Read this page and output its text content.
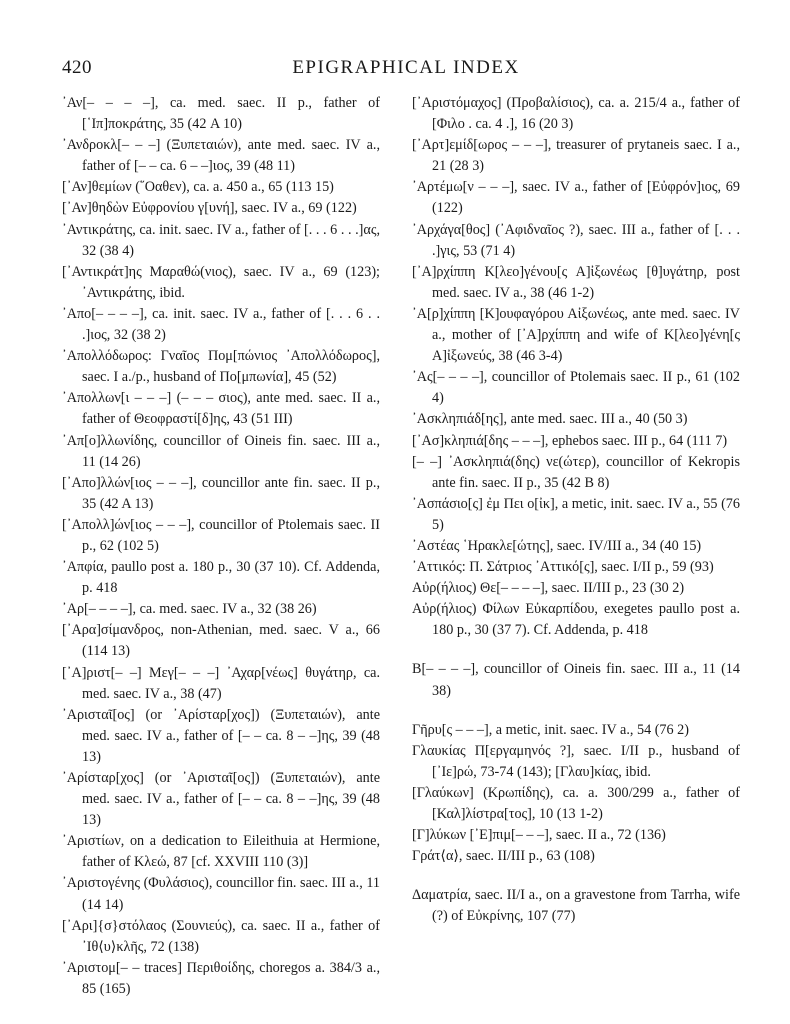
420	EPIGRAPHICAL INDEX

᾽Αν[– – – –], ca. med. saec. II p., father of [῾Ιπ]ποκράτης, 35 (42 A 10)

᾽Ανδροκλ[– – –] (Ξυπεταιών), ante med. saec. IV a., father of [– – ca. 6 – –]ιος, 39 (48 11)

[᾽Αν]θεμίων (῞Οαθεν), ca. a. 450 a., 65 (113 15)

[᾽Αν]θηδὼν Εὐφρονίου γ[υνή], saec. IV a., 69 (122)

᾽Αντικράτης, ca. init. saec. IV a., father of [. . . 6 . . .]ας, 32 (38 4)

[᾽Αντικράτ]ης Μαραθώ(νιος), saec. IV a., 69 (123); ᾽Αντικράτης, ibid.

᾽Απο[– – – –], ca. init. saec. IV a., father of [. . . 6 . . .]ιος, 32 (38 2)

᾽Απολλόδωρος: Γναῖος Πομ[πώνιος ᾽Απολλόδωρος], saec. I a./p., husband of Πο[μπωνία], 45 (52)

᾽Απολλων[ι – – –] (– – – σιος), ante med. saec. II a., father of Θεοφραστί[δ]ης, 43 (51 III)

᾽Απ[ο]λλωνίδης, councillor of Oineis fin. saec. III a., 11 (14 26)

[᾽Απο]λλών[ιος – – –], councillor ante fin. saec. II p., 35 (42 A 13)

[᾽Απολλ]ών[ιος – – –], councillor of Ptolemais saec. II p., 62 (102 5)

᾽Απφία, paullo post a. 180 p., 30 (37 10). Cf. Addenda, p. 418

᾽Αρ[– – – –], ca. med. saec. IV a., 32 (38 26)

[᾽Αρα]σίμανδρος, non-Athenian, med. saec. V a., 66 (114 13)

[᾽Α]ριστ[– –] Μεγ[– – –] ᾽Αχαρ[νέως] θυγάτηρ, ca. med. saec. IV a., 38 (47)

᾽Αρισταῖ[ος] (or ᾽Αρίσταρ[χος]) (Ξυπεταιών), ante med. saec. IV a., father of [– – ca. 8 – –]ης, 39 (48 13)

᾽Αρίσταρ[χος] (or ᾽Αρισταῖ[ος]) (Ξυπεταιών), ante med. saec. IV a., father of [– – ca. 8 – –]ης, 39 (48 13)

᾽Αριστίων, on a dedication to Eileithuia at Hermione, father of Κλεώ, 87 [cf. XXVIII 110 (3)]

᾽Αριστογένης (Φυλάσιος), councillor fin. saec. III a., 11 (14 14)

[᾽Αρι]{σ}στόλαος (Σουνιεύς), ca. saec. II a., father of ᾽Ιθ⟨υ⟩κλῆς, 72 (138)

᾽Αριστομ[– – traces] Περιθοίδης, choregos a. 384/3 a., 85 (165)

[᾽Αριστόμαχος] (Προβαλίσιος), ca. a. 215/4 a., father of [Φιλο . ca. 4 .], 16 (20 3)

[᾽Αρτ]εμίδ[ωρος – – –], treasurer of prytaneis saec. I a., 21 (28 3)

᾽Αρτέμω[ν – – –], saec. IV a., father of [Εὐφρόν]ιος, 69 (122)

᾽Αρχάγα[θος] (᾽Αφιδναῖος ?), saec. III a., father of [. . . .]γις, 53 (71 4)

[᾽Α]ρχίππη Κ[λεο]γένου[ς Α]ἰξωνέως [θ]υγάτηρ, post med. saec. IV a., 38 (46 1-2)

᾽Α[ρ]χίππη [Κ]ουφαγόρου Αἰξωνέως, ante med. saec. IV a., mother of [᾽Α]ρχίππη and wife of Κ[λεο]γένη[ς Α]ἰξωνεύς, 38 (46 3-4)

᾽Ας[– – – –], councillor of Ptolemais saec. II p., 61 (102 4)

᾽Ασκληπιάδ[ης], ante med. saec. III a., 40 (50 3)

[᾽Ασ]κληπιά[δης – – –], ephebos saec. III p., 64 (111 7)

[– –] ᾽Ασκληπιά(δης) νε(ώτερ), councillor of Kekropis ante fin. saec. II p., 35 (42 B 8)

᾽Ασπάσιο[ς] ἐμ Πει ο[ἰκ], a metic, init. saec. IV a., 55 (76 5)

᾽Αστέας ῾Ηρακλε[ώτης], saec. IV/III a., 34 (40 15)

᾽Αττικός: Π. Σάτριος ᾽Αττικό[ς], saec. I/II p., 59 (93)

Αὐρ(ήλιος) Θε[– – – –], saec. II/III p., 23 (30 2)

Αὐρ(ήλιος) Φίλων Εὐκαρπίδου, exegetes paullo post a. 180 p., 30 (37 7). Cf. Addenda, p. 418

Β[– – – –], councillor of Oineis fin. saec. III a., 11 (14 38)

Γῆρυ[ς – – –], a metic, init. saec. IV a., 54 (76 2)

Γλαυκίας Π[εργαμηνός ?], saec. I/II p., husband of [᾽Ιε]ρώ, 73-74 (143); [Γλαυ]κίας, ibid.

[Γλαύκων] (Κρωπίδης), ca. a. 300/299 a., father of [Καλ]λίστρα[τος], 10 (13 1-2)

[Γ]λύκων [᾽Ε]πιμ[– – –], saec. II a., 72 (136)

Γράτ⟨α⟩, saec. II/III p., 63 (108)

Δαματρία, saec. II/I a., on a gravestone from Tarrha, wife (?) of Εὐκρίνης, 107 (77)
